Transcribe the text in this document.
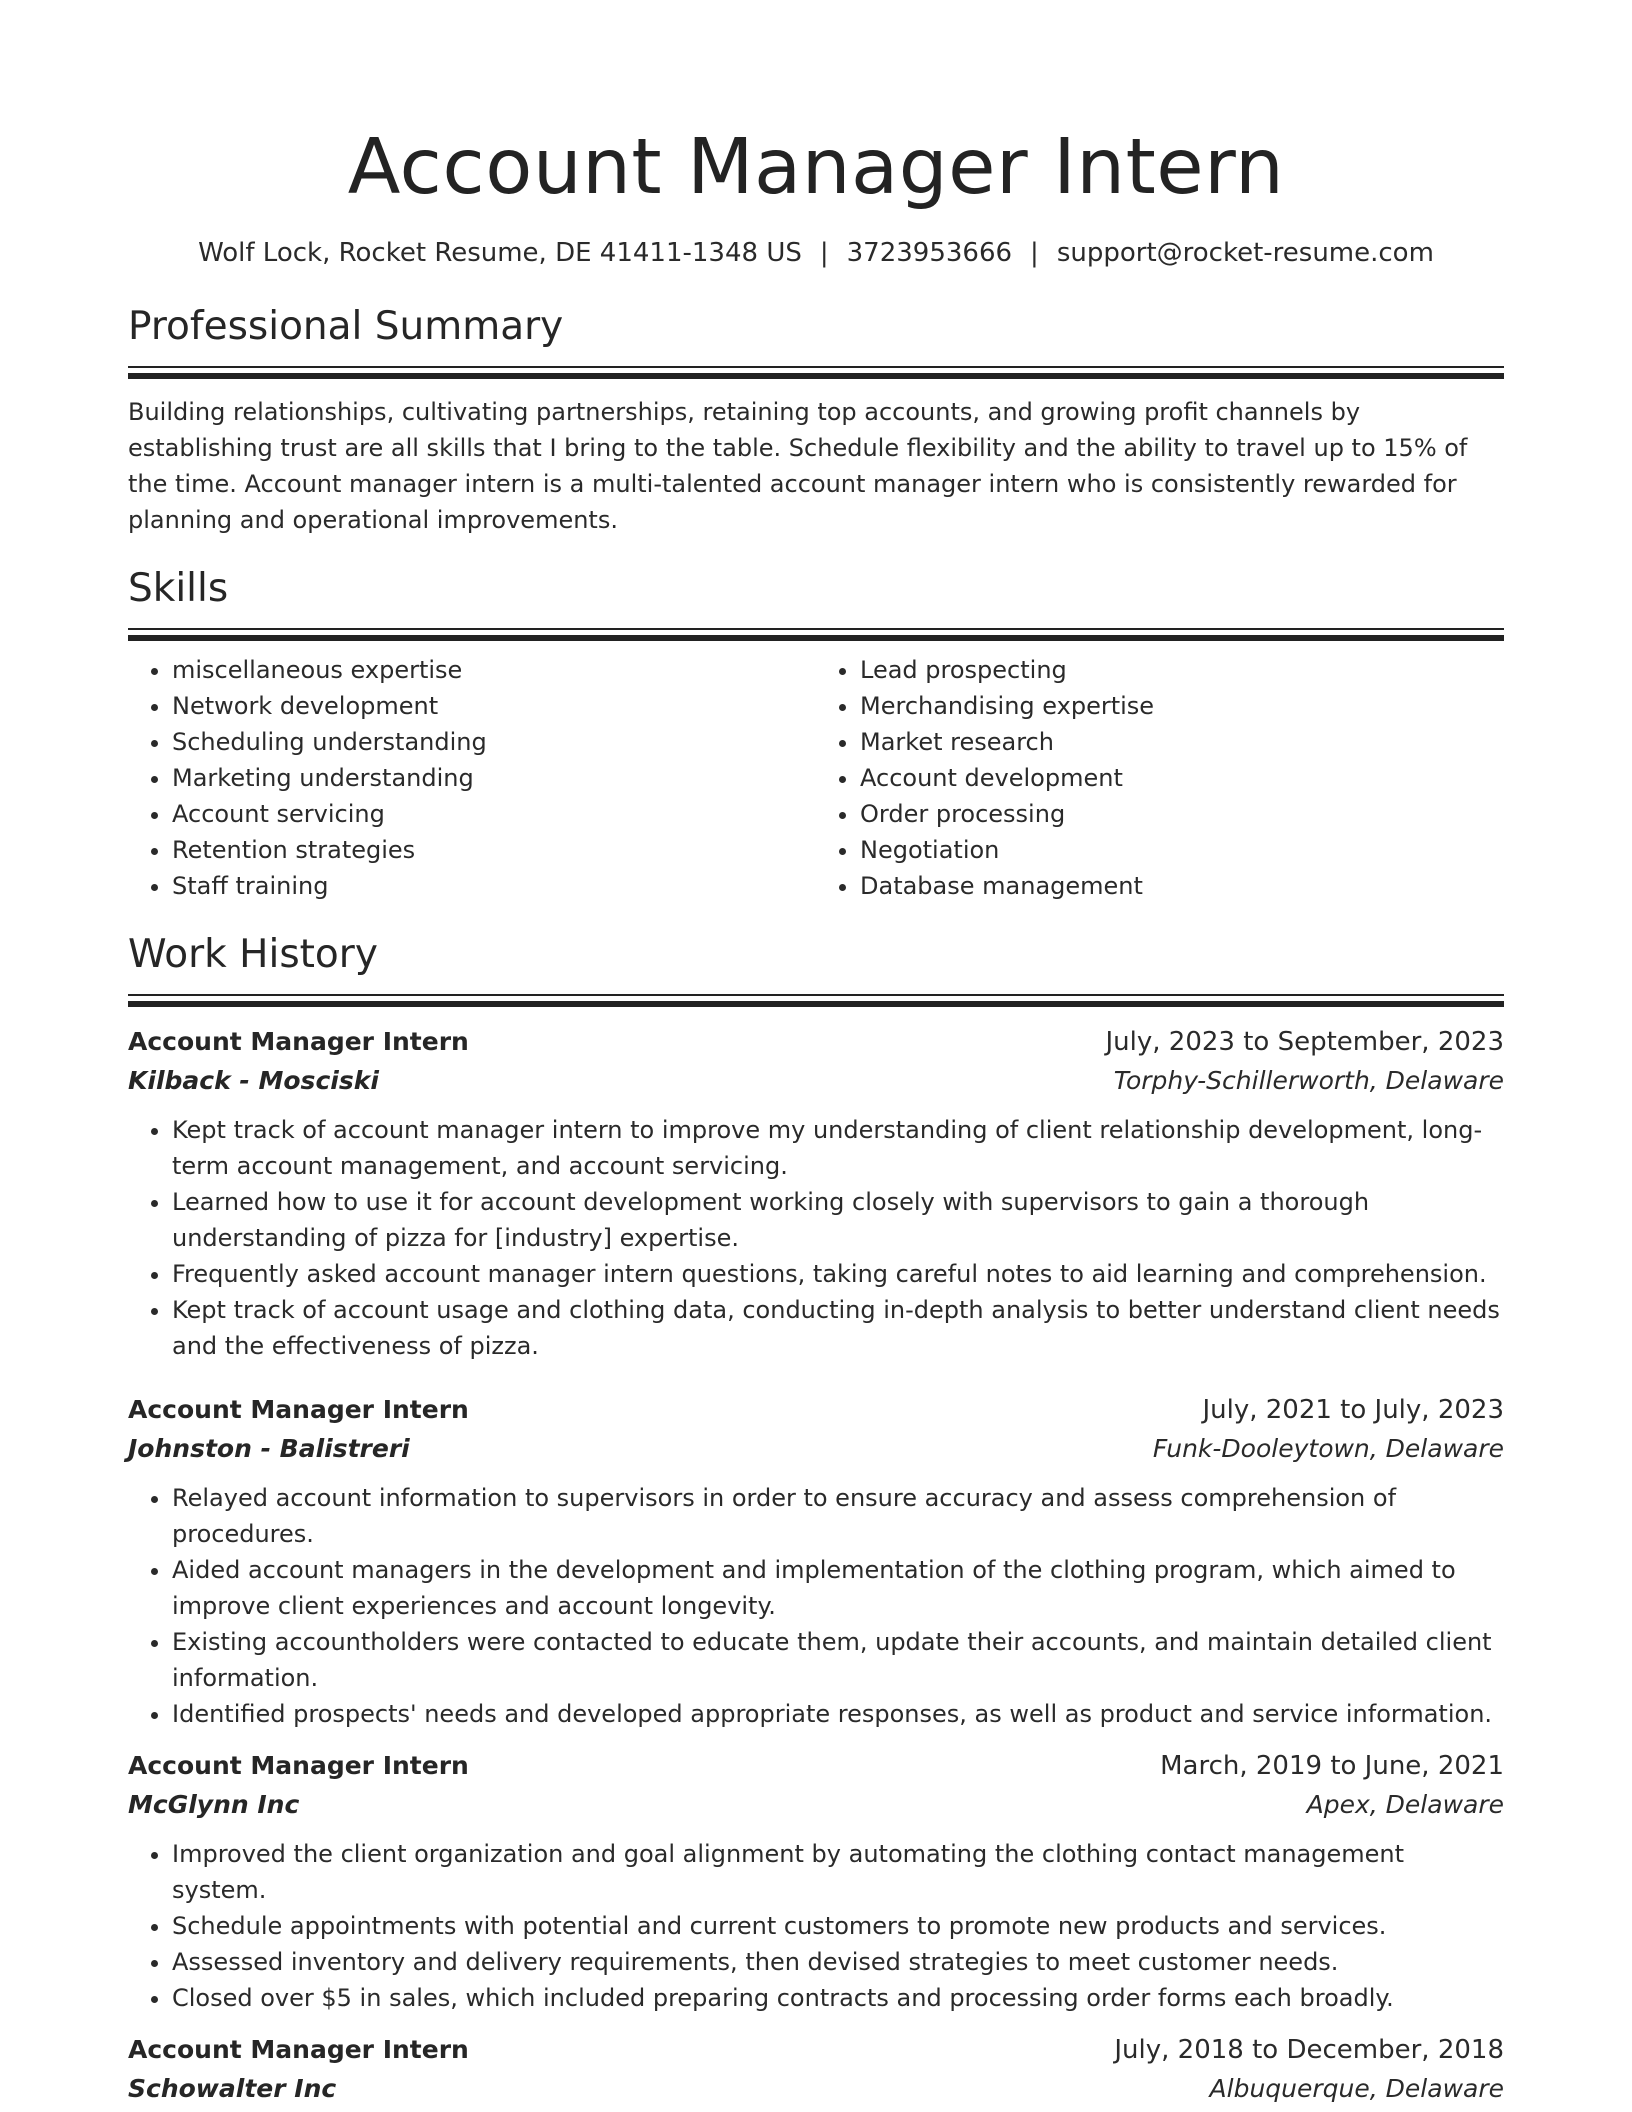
Account Manager Intern
Wolf Lock, Rocket Resume, DE 41411-1348 US | 3723953666 | support@rocket-resume.com
Professional Summary

Building relationships, cultivating partnerships, retaining top accounts, and growing profit channels by establishing trust are all skills that I bring to the table. Schedule flexibility and the ability to travel up to 15% of the time. Account manager intern is a multi-talented account manager intern who is consistently rewarded for planning and operational improvements.

Skills
• miscellaneous expertise
• Network development
• Scheduling understanding
• Marketing understanding
• Account servicing
• Retention strategies
• Staff training
• Lead prospecting
• Merchandising expertise
• Market research
• Account development
• Order processing
• Negotiation
• Database management
Work History
Account Manager Intern	July, 2023 to September, 2023
Kilback - Mosciski	Torphy-Schillerworth, Delaware
• Kept track of account manager intern to improve my understanding of client relationship development, long-term account management, and account servicing.
• Learned how to use it for account development working closely with supervisors to gain a thorough understanding of pizza for [industry] expertise.
• Frequently asked account manager intern questions, taking careful notes to aid learning and comprehension.
• Kept track of account usage and clothing data, conducting in-depth analysis to better understand client needs and the effectiveness of pizza.
Account Manager Intern	July, 2021 to July, 2023
Johnston - Balistreri	Funk-Dooleytown, Delaware
• Relayed account information to supervisors in order to ensure accuracy and assess comprehension of procedures.
• Aided account managers in the development and implementation of the clothing program, which aimed to improve client experiences and account longevity.
• Existing accountholders were contacted to educate them, update their accounts, and maintain detailed client information.
• Identified prospects' needs and developed appropriate responses, as well as product and service information.
Account Manager Intern	March, 2019 to June, 2021
McGlynn Inc	Apex, Delaware
• Improved the client organization and goal alignment by automating the clothing contact management system.
• Schedule appointments with potential and current customers to promote new products and services.
• Assessed inventory and delivery requirements, then devised strategies to meet customer needs.
• Closed over $5 in sales, which included preparing contracts and processing order forms each broadly.
Account Manager Intern	July, 2018 to December, 2018
Schowalter Inc	Albuquerque, Delaware
